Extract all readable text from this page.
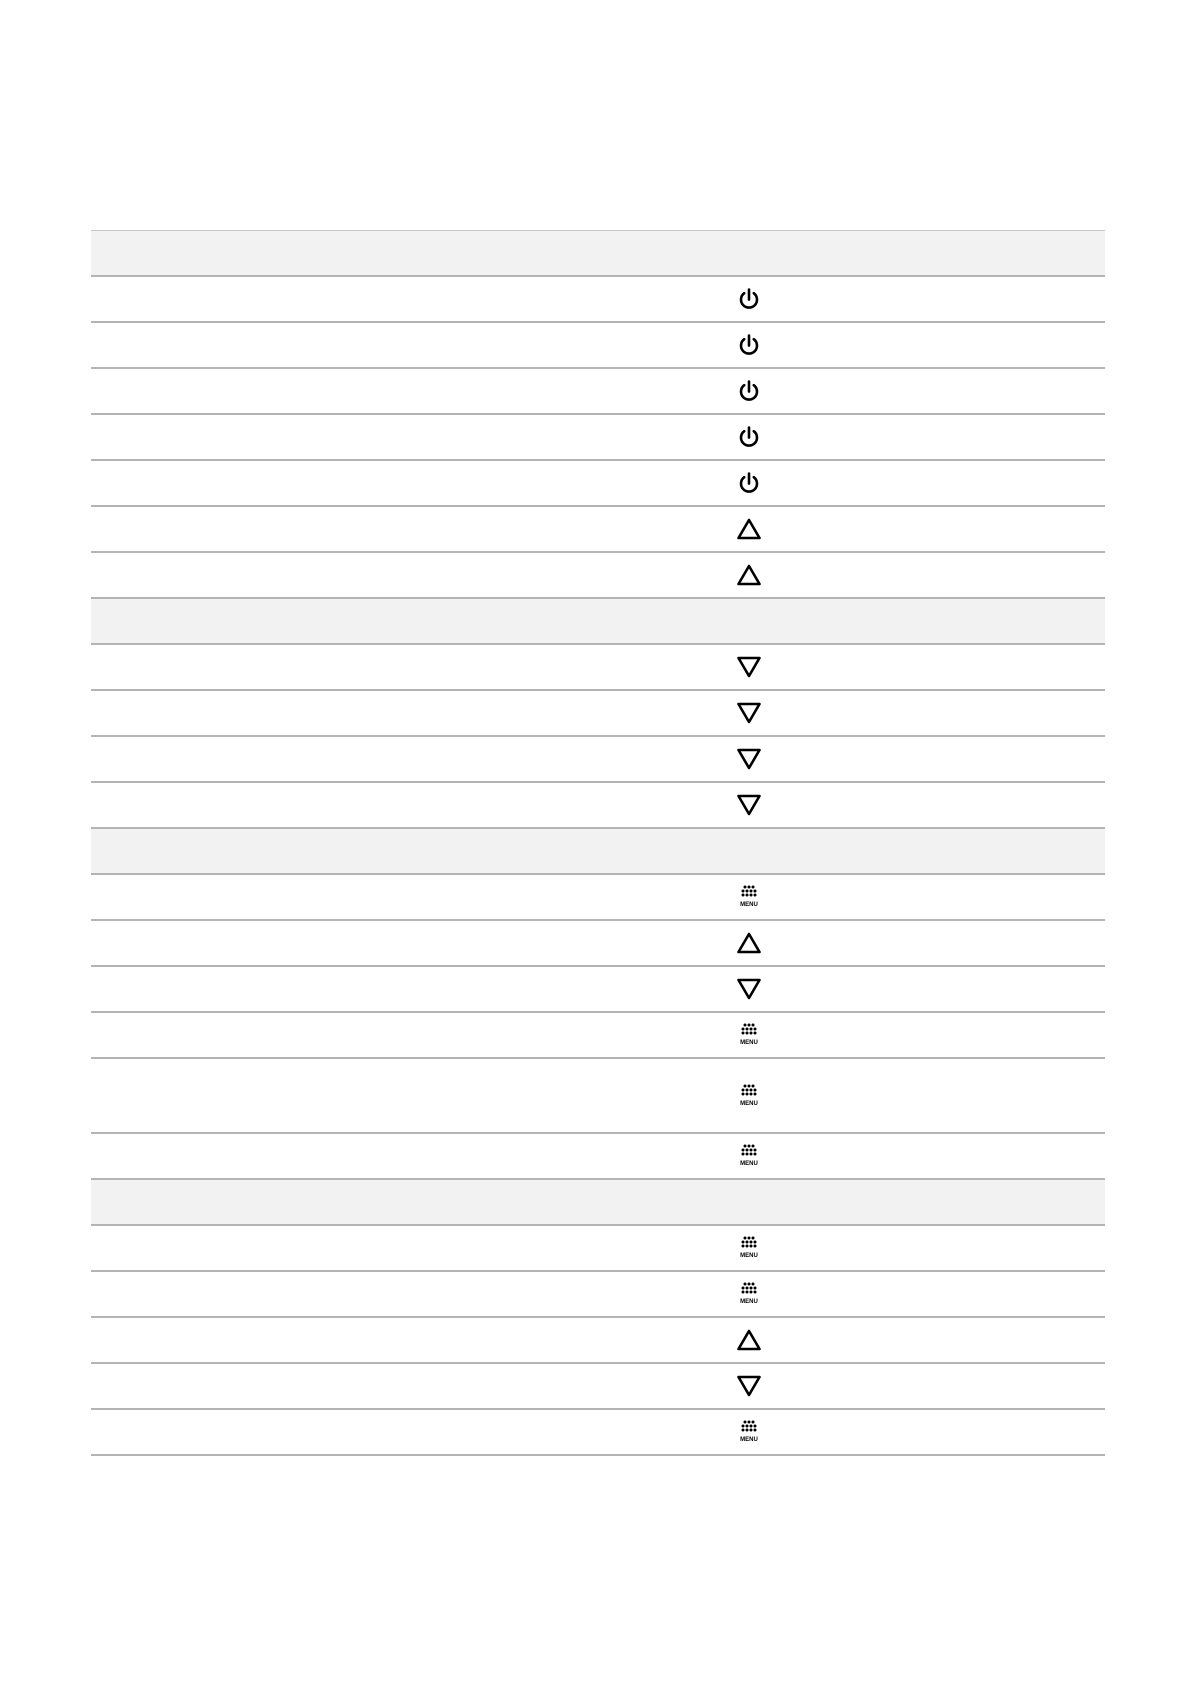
MENU
MENU
MENU
MENU
MENU
MENU
MENU
